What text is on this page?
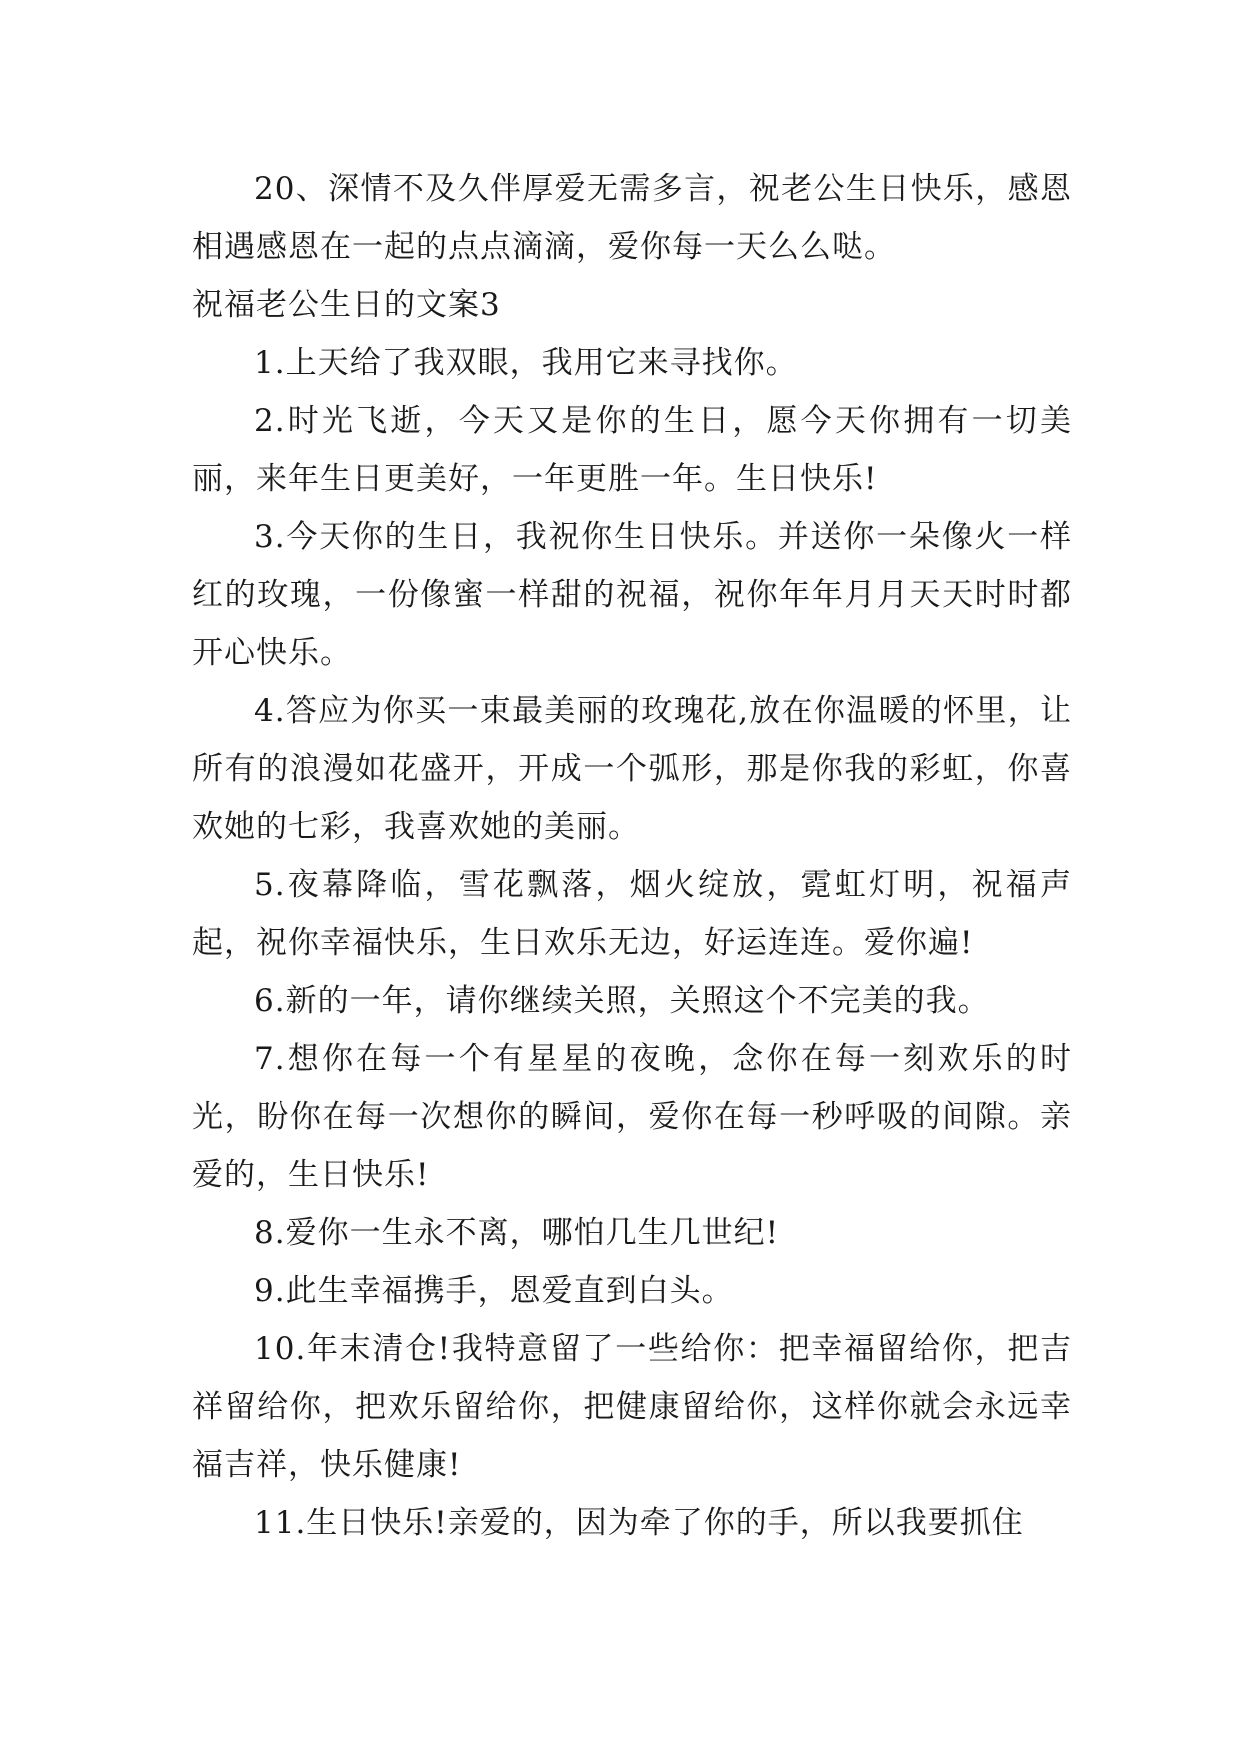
20、深情不及久伴厚爱无需多言，祝老公生日快乐，感恩相遇感恩在一起的点点滴滴，爱你每一天么么哒。

祝福老公生日的文案3

1.上天给了我双眼，我用它来寻找你。

2.时光飞逝，今天又是你的生日，愿今天你拥有一切美丽，来年生日更美好，一年更胜一年。生日快乐!

3.今天你的生日，我祝你生日快乐。并送你一朵像火一样红的玫瑰，一份像蜜一样甜的祝福，祝你年年月月天天时时都开心快乐。

4.答应为你买一束最美丽的玫瑰花,放在你温暖的怀里，让所有的浪漫如花盛开，开成一个弧形，那是你我的彩虹，你喜欢她的七彩，我喜欢她的美丽。

5.夜幕降临，雪花飘落，烟火绽放，霓虹灯明，祝福声起，祝你幸福快乐，生日欢乐无边，好运连连。爱你遍!

6.新的一年，请你继续关照，关照这个不完美的我。

7.想你在每一个有星星的夜晚，念你在每一刻欢乐的时光，盼你在每一次想你的瞬间，爱你在每一秒呼吸的间隙。亲爱的，生日快乐!

8.爱你一生永不离，哪怕几生几世纪!

9.此生幸福携手，恩爱直到白头。

10.年末清仓!我特意留了一些给你：把幸福留给你，把吉祥留给你，把欢乐留给你，把健康留给你，这样你就会永远幸福吉祥，快乐健康!

11.生日快乐!亲爱的，因为牵了你的手，所以我要抓住
